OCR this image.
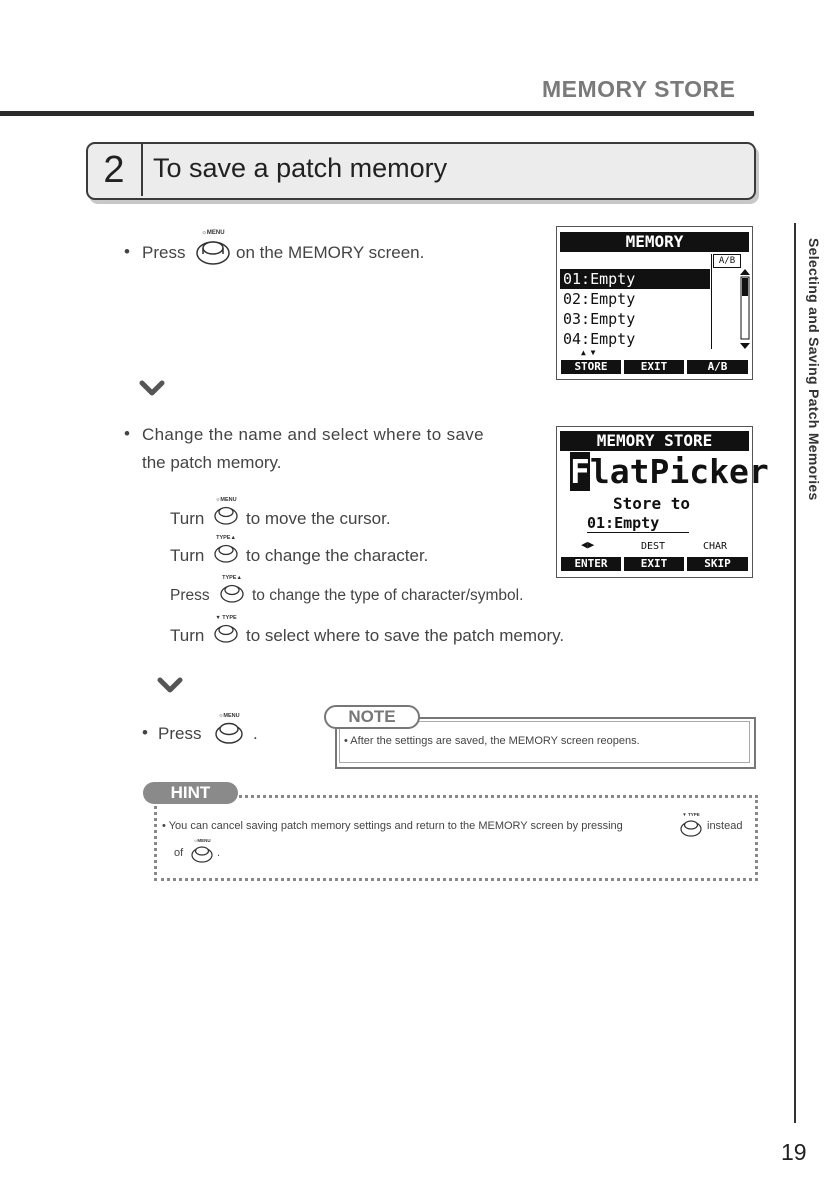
MEMORY STORE
2	To save a patch memory
• Press
☼MENU
on the MEMORY screen.
MEMORY
A/B
01:Empty
02:Empty
03:Empty
04:Empty
▲ ▼
STORE	EXIT	A/B
• Change the name and select where to save
the patch memory.
Turn
☼MENU
to move the cursor.
Turn
TYPE▲
to change the character.
Press
TYPE▲
to change the type of character/symbol.
Turn
▼ TYPE
to select where to save the patch memory.
MEMORY STORE
FlatPicker
Store to
01:Empty
◀▶	DEST	CHAR
ENTER	EXIT	SKIP
• Press
☼MENU
.
NOTE
• After the settings are saved, the MEMORY screen reopens.
HINT
• You can cancel saving patch memory settings and return to the MEMORY screen by pressing
▼ TYPE
instead
of
☼MENU
.
Selecting and Saving Patch Memories
19
